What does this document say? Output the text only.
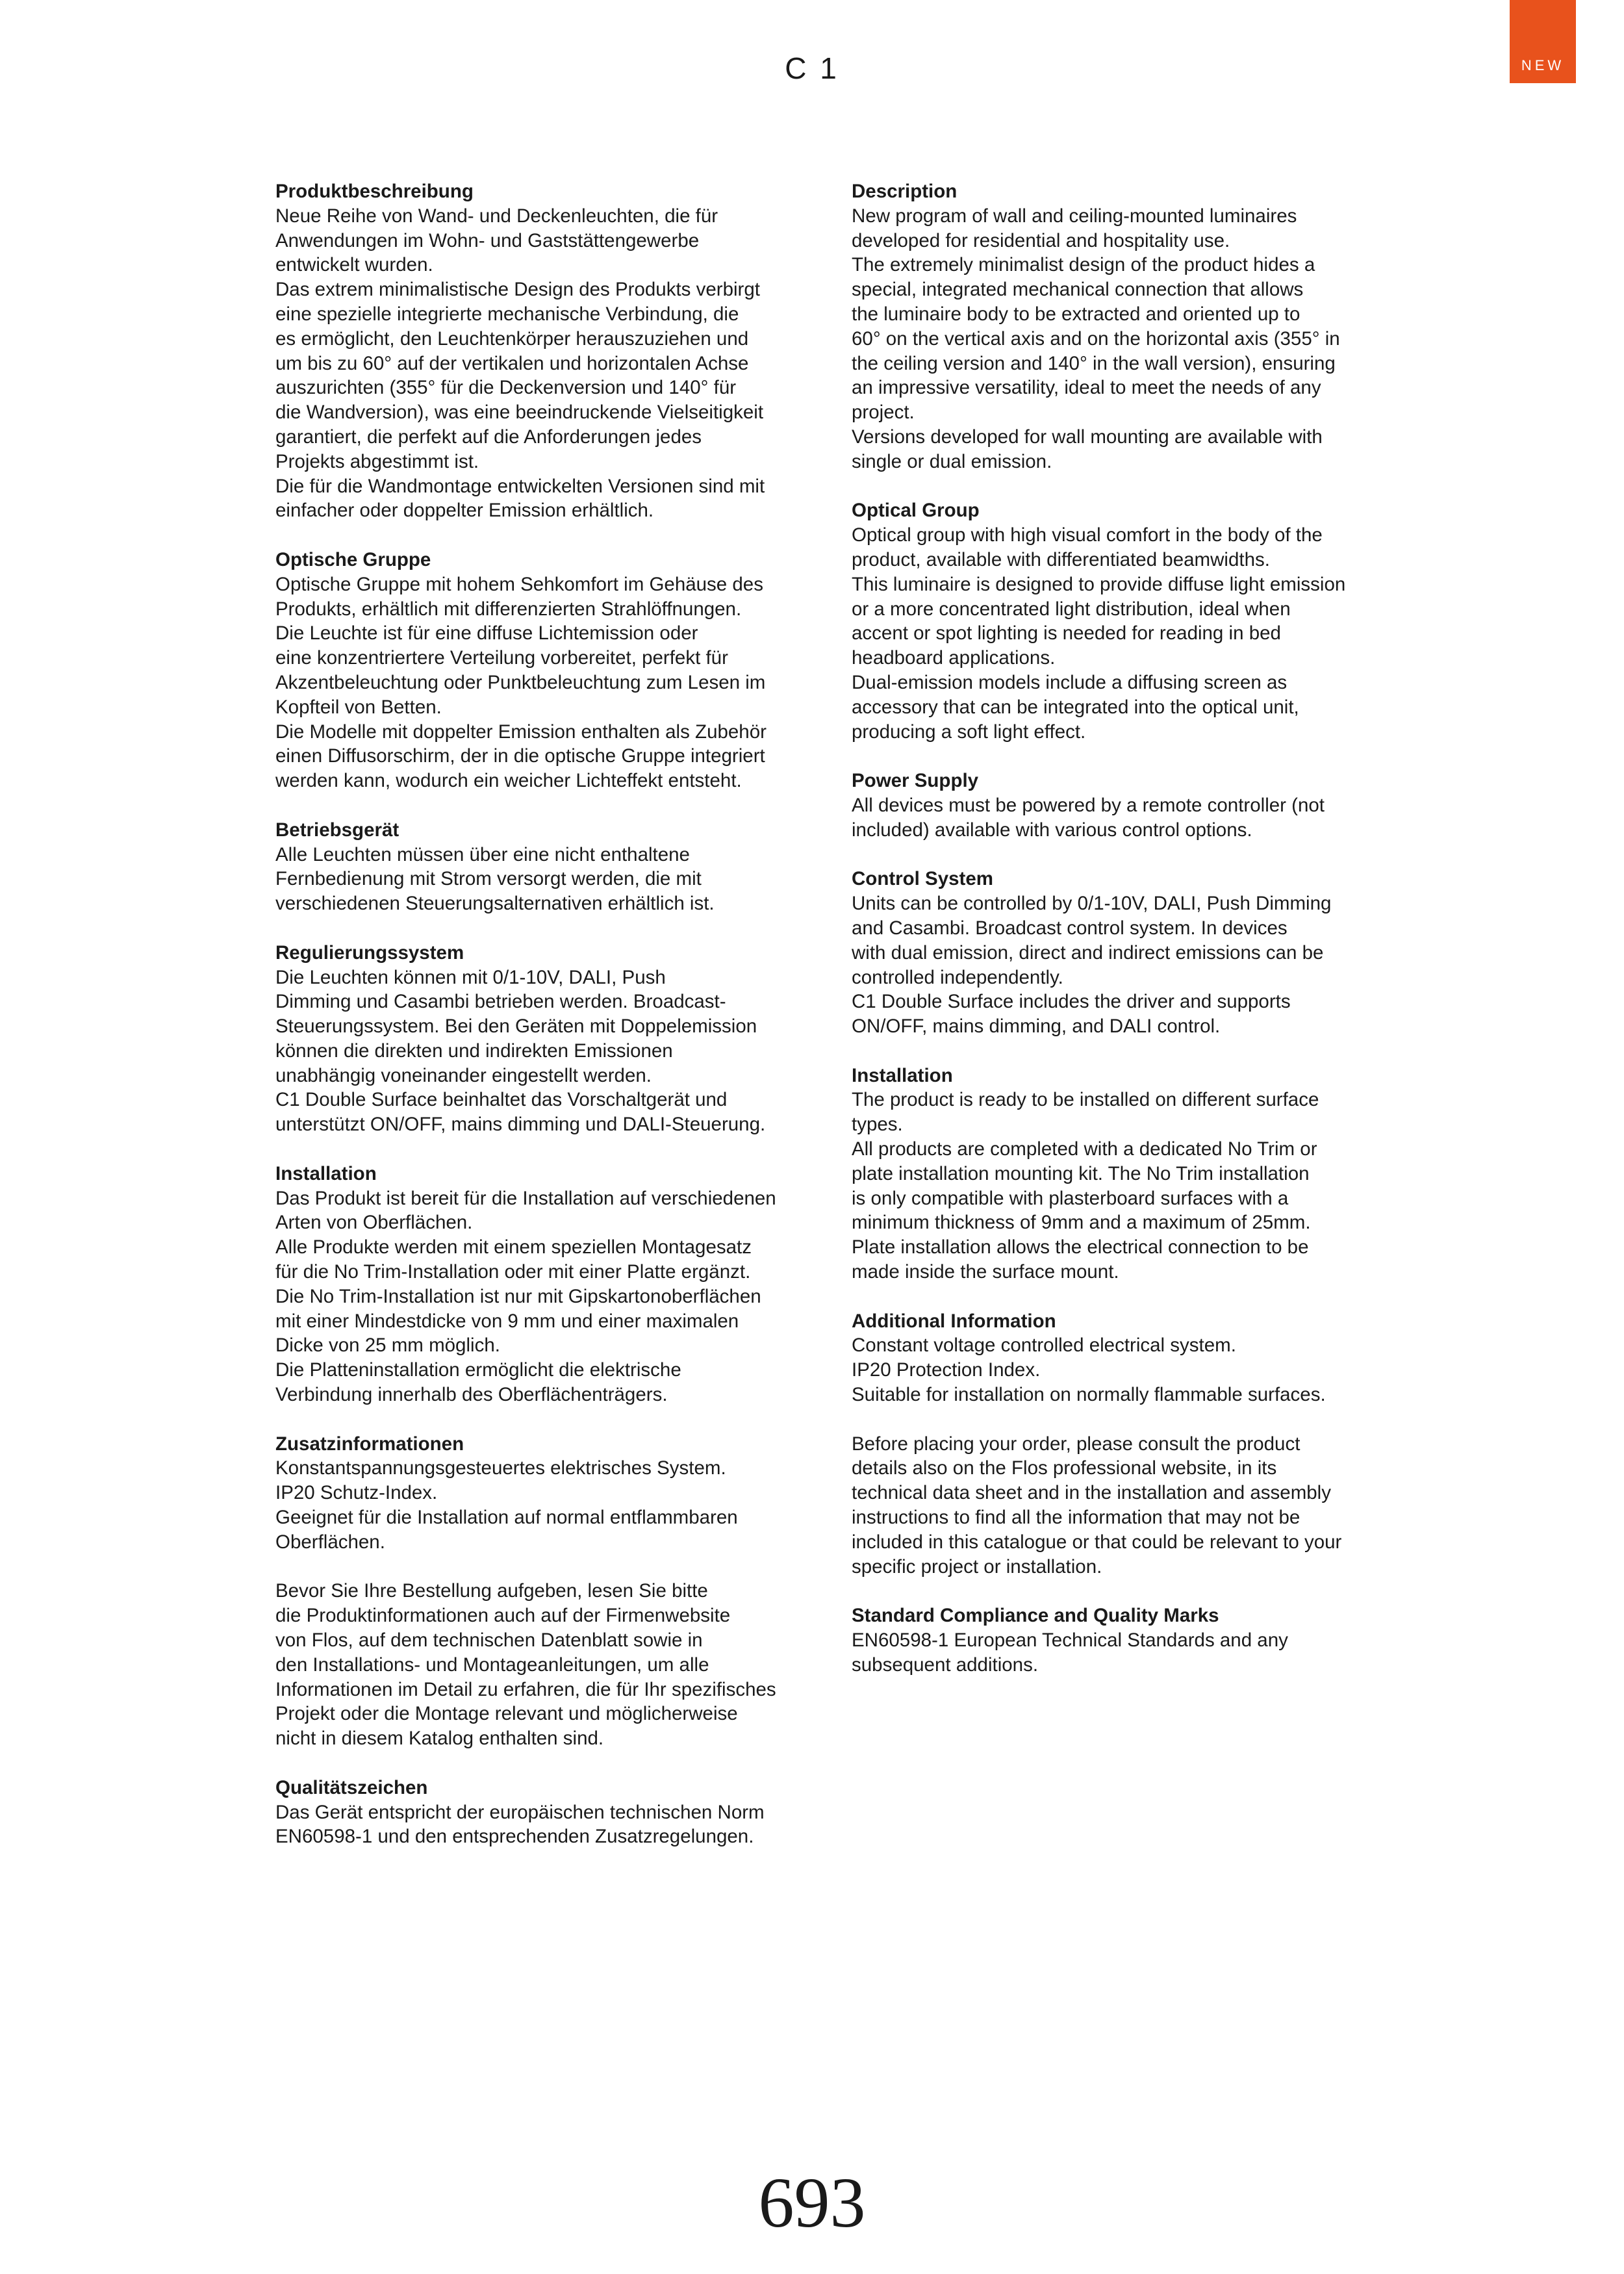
NEW
C 1
Produktbeschreibung

Neue Reihe von Wand- und Deckenleuchten, die für
Anwendungen im Wohn- und Gaststättengewerbe
entwickelt wurden.
Das extrem minimalistische Design des Produkts verbirgt
eine spezielle integrierte mechanische Verbindung, die
es ermöglicht, den Leuchtenkörper herauszuziehen und
um bis zu 60° auf der vertikalen und horizontalen Achse
auszurichten (355° für die Deckenversion und 140° für
die Wandversion), was eine beeindruckende Vielseitigkeit
garantiert, die perfekt auf die Anforderungen jedes
Projekts abgestimmt ist.
Die für die Wandmontage entwickelten Versionen sind mit
einfacher oder doppelter Emission erhältlich.

Optische Gruppe

Optische Gruppe mit hohem Sehkomfort im Gehäuse des
Produkts, erhältlich mit differenzierten Strahlöffnungen.
Die Leuchte ist für eine diffuse Lichtemission oder
eine konzentriertere Verteilung vorbereitet, perfekt für
Akzentbeleuchtung oder Punktbeleuchtung zum Lesen im
Kopfteil von Betten.
Die Modelle mit doppelter Emission enthalten als Zubehör
einen Diffusorschirm, der in die optische Gruppe integriert
werden kann, wodurch ein weicher Lichteffekt entsteht.

Betriebsgerät

Alle Leuchten müssen über eine nicht enthaltene
Fernbedienung mit Strom versorgt werden, die mit
verschiedenen Steuerungsalternativen erhältlich ist.

Regulierungssystem

Die Leuchten können mit 0/1-10V, DALI, Push
Dimming und Casambi betrieben werden. Broadcast-
Steuerungssystem. Bei den Geräten mit Doppelemission
können die direkten und indirekten Emissionen
unabhängig voneinander eingestellt werden.
C1 Double Surface beinhaltet das Vorschaltgerät und
unterstützt ON/OFF, mains dimming und DALI-Steuerung.

Installation

Das Produkt ist bereit für die Installation auf verschiedenen
Arten von Oberflächen.
Alle Produkte werden mit einem speziellen Montagesatz
für die No Trim-Installation oder mit einer Platte ergänzt.
Die No Trim-Installation ist nur mit Gipskartonoberflächen
mit einer Mindestdicke von 9 mm und einer maximalen
Dicke von 25 mm möglich.
Die Platteninstallation ermöglicht die elektrische
Verbindung innerhalb des Oberflächenträgers.

Zusatzinformationen

Konstantspannungsgesteuertes elektrisches System.
IP20 Schutz-Index.
Geeignet für die Installation auf normal entflammbaren
Oberflächen.

Bevor Sie Ihre Bestellung aufgeben, lesen Sie bitte
die Produktinformationen auch auf der Firmenwebsite
von Flos, auf dem technischen Datenblatt sowie in
den Installations- und Montageanleitungen, um alle
Informationen im Detail zu erfahren, die für Ihr spezifisches
Projekt oder die Montage relevant und möglicherweise
nicht in diesem Katalog enthalten sind.

Qualitätszeichen

Das Gerät entspricht der europäischen technischen Norm
EN60598-1 und den entsprechenden Zusatzregelungen.

Description

New program of wall and ceiling-mounted luminaires
developed for residential and hospitality use.
The extremely minimalist design of the product hides a
special, integrated mechanical connection that allows
the luminaire body to be extracted and oriented up to
60° on the vertical axis and on the horizontal axis (355° in
the ceiling version and 140° in the wall version), ensuring
an impressive versatility, ideal to meet the needs of any
project.
Versions developed for wall mounting are available with
single or dual emission.

Optical Group

Optical group with high visual comfort in the body of the
product, available with differentiated beamwidths.
This luminaire is designed to provide diffuse light emission
or a more concentrated light distribution, ideal when
accent or spot lighting is needed for reading in bed
headboard applications.
Dual-emission models include a diffusing screen as
accessory that can be integrated into the optical unit,
producing a soft light effect.

Power Supply

All devices must be powered by a remote controller (not
included) available with various control options.

Control System

Units can be controlled by 0/1-10V, DALI, Push Dimming
and Casambi. Broadcast control system. In devices
with dual emission, direct and indirect emissions can be
controlled independently.
C1 Double Surface includes the driver and supports
ON/OFF, mains dimming, and DALI control.

Installation

The product is ready to be installed on different surface
types.
All products are completed with a dedicated No Trim or
plate installation mounting kit. The No Trim installation
is only compatible with plasterboard surfaces with a
minimum thickness of 9mm and a maximum of 25mm.
Plate installation allows the electrical connection to be
made inside the surface mount.

Additional Information

Constant voltage controlled electrical system.
IP20 Protection Index.
Suitable for installation on normally flammable surfaces.

Before placing your order, please consult the product
details also on the Flos professional website, in its
technical data sheet and in the installation and assembly
instructions to find all the information that may not be
included in this catalogue or that could be relevant to your
specific project or installation.

Standard Compliance and Quality Marks

EN60598-1 European Technical Standards and any
subsequent additions.

693
